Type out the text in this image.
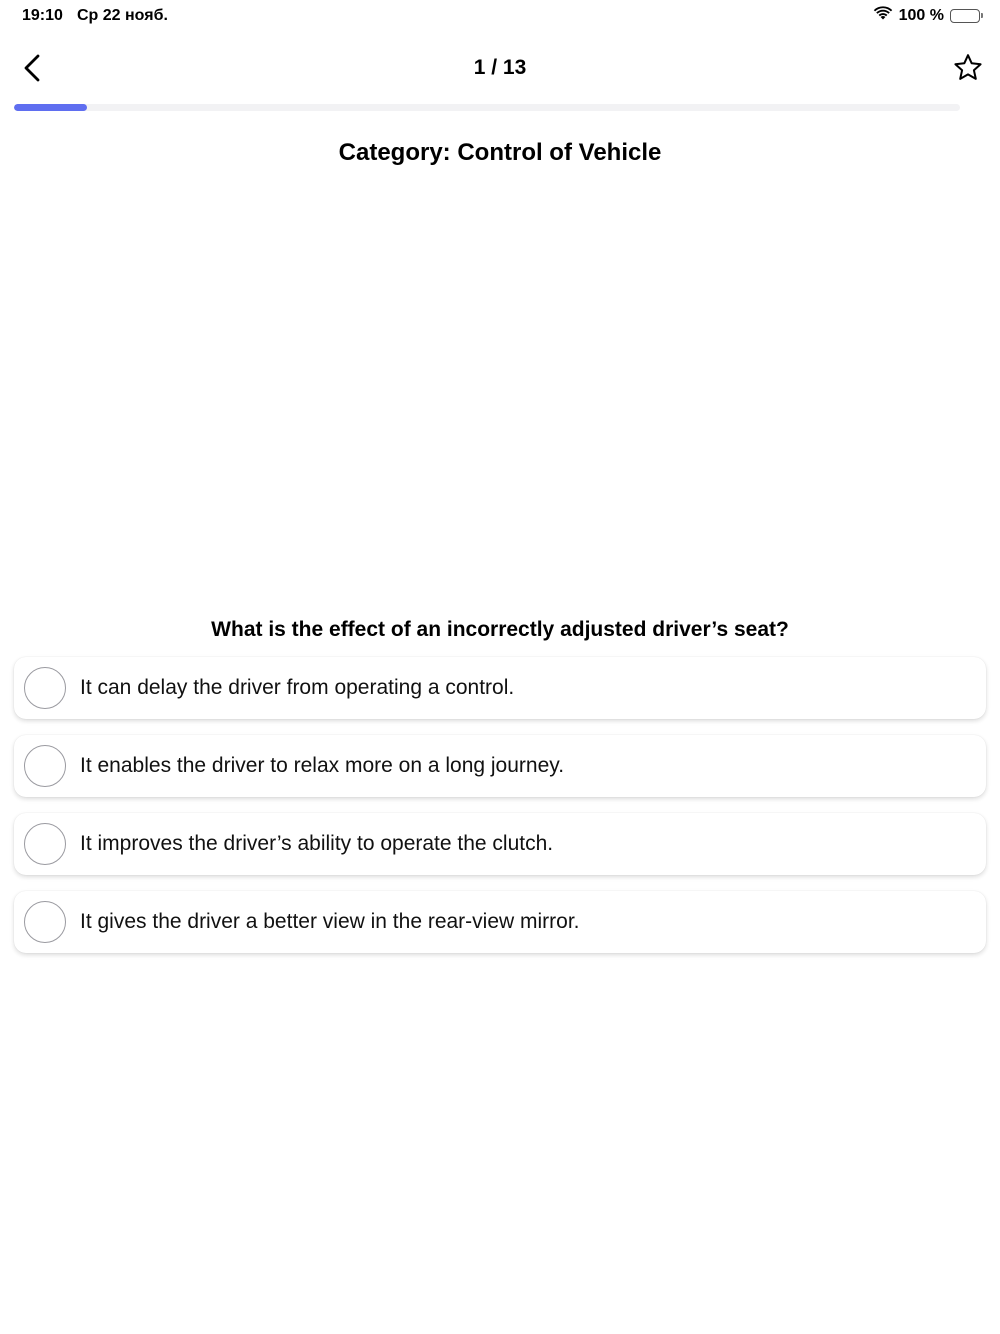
19:10 Ср 22 нояб.	100 %
1 / 13
Category: Control of Vehicle
What is the effect of an incorrectly adjusted driver’s seat?
It can delay the driver from operating a control.
It enables the driver to relax more on a long journey.
It improves the driver’s ability to operate the clutch.
It gives the driver a better view in the rear-view mirror.
